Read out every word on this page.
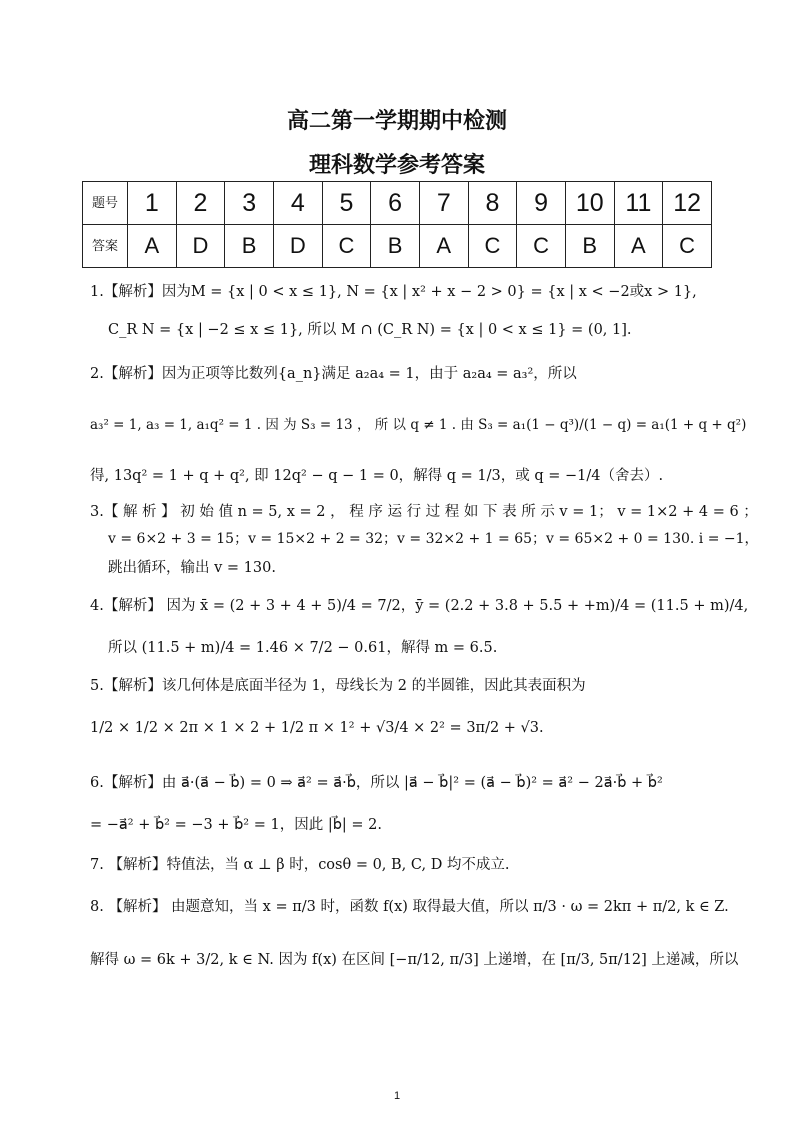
高二第一学期期中检测
理科数学参考答案
题号	1	2	3	4	5	6	7	8	9	10	11	12
答案	A	D	B	D	C	B	A	C	C	B	A	C
1.【解析】因为M = {x | 0 < x ≤ 1}, N = {x | x² + x − 2 > 0} = {x | x < −2或x > 1},
C_R N = {x | −2 ≤ x ≤ 1}, 所以 M ∩ (C_R N) = {x | 0 < x ≤ 1} = (0, 1].
2.【解析】因为正项等比数列{a_n}满足 a₂a₄ = 1，由于 a₂a₄ = a₃²，所以
a₃² = 1, a₃ = 1, a₁q² = 1 . 因 为 S₃ = 13 ， 所 以 q ≠ 1 . 由 S₃ = a₁(1 − q³)/(1 − q) = a₁(1 + q + q²)
得, 13q² = 1 + q + q², 即 12q² − q − 1 = 0，解得 q = 1/3，或 q = −1/4（舍去）.
3.【 解 析 】 初 始 值 n = 5, x = 2 ， 程 序 运 行 过 程 如 下 表 所 示 v = 1； v = 1×2 + 4 = 6 ；
v = 6×2 + 3 = 15；v = 15×2 + 2 = 32；v = 32×2 + 1 = 65；v = 65×2 + 0 = 130. i = −1，
跳出循环，输出 v = 130.
4.【解析】 因为 x̄ = (2 + 3 + 4 + 5)/4 = 7/2，ȳ = (2.2 + 3.8 + 5.5 + +m)/4 = (11.5 + m)/4,
所以 (11.5 + m)/4 = 1.46 × 7/2 − 0.61，解得 m = 6.5.
5.【解析】该几何体是底面半径为 1，母线长为 2 的半圆锥，因此其表面积为
1/2 × 1/2 × 2π × 1 × 2 + 1/2 π × 1² + √3/4 × 2² = 3π/2 + √3.
6.【解析】由 a⃗·(a⃗ − b⃗) = 0 ⇒ a⃗² = a⃗·b⃗，所以 |a⃗ − b⃗|² = (a⃗ − b⃗)² = a⃗² − 2a⃗·b⃗ + b⃗²
= −a⃗² + b⃗² = −3 + b⃗² = 1，因此 |b⃗| = 2.
7. 【解析】特值法，当 α ⊥ β 时，cosθ = 0, B, C, D 均不成立.
8. 【解析】 由题意知，当 x = π/3 时，函数 f(x) 取得最大值，所以 π/3 · ω = 2kπ + π/2, k ∈ Z.
解得 ω = 6k + 3/2, k ∈ N. 因为 f(x) 在区间 [−π/12, π/3] 上递增，在 [π/3, 5π/12] 上递减，所以
1
